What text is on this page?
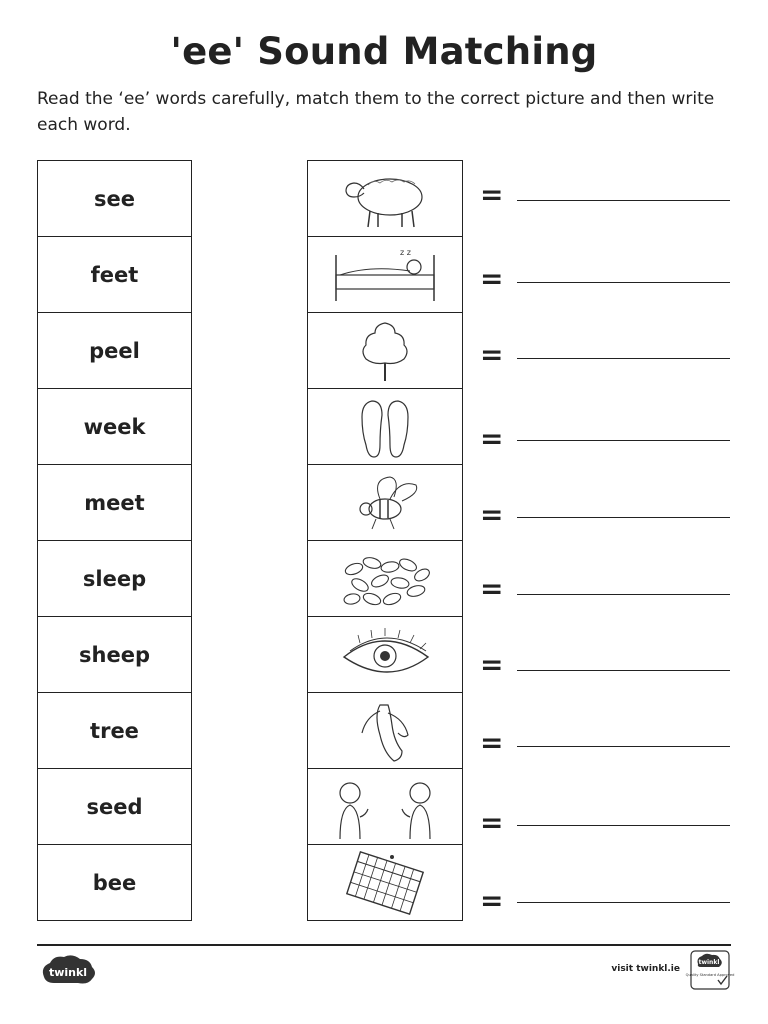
'ee' Sound Matching

Read the ‘ee’ words carefully, match them to the correct picture and then write each word.

see
feet
peel
week
meet
sleep
sheep
tree
seed
bee
z z
=
=
=
=
=
=
=
=
=
=
twinkl	visit twinkl.ie
twinkl
Quality Standard Approved
